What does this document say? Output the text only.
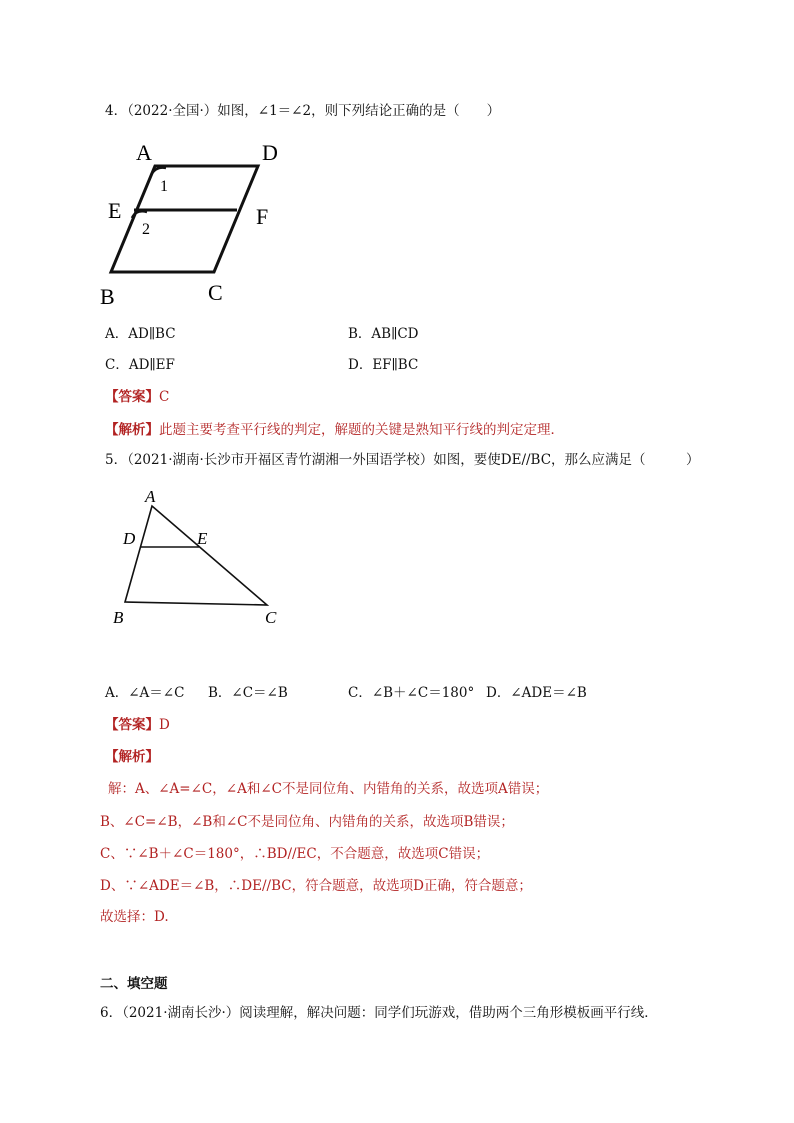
4．（2022·全国·）如图，∠1＝∠2，则下列结论正确的是（　　）
A	D
E	F
B	C
1
2
A．AD∥BC	B．AB∥CD
C．AD∥EF	D．EF∥BC
【答案】C
【解析】此题主要考查平行线的判定，解题的关键是熟知平行线的判定定理．
5．（2021·湖南·长沙市开福区青竹湖湘一外国语学校）如图，要使DE//BC，那么应满足（　　　）
A
D	E
B	C
A．∠A＝∠C B．∠C＝∠B	C．∠B＋∠C＝180° D．∠ADE＝∠B
【答案】D
【解析】
解：A、∠A=∠C，∠A和∠C不是同位角、内错角的关系，故选项A错误；
B、∠C=∠B，∠B和∠C不是同位角、内错角的关系，故选项B错误；
C、∵∠B＋∠C＝180°，∴BD//EC，不合题意，故选项C错误；
D、∵∠ADE＝∠B，∴DE//BC，符合题意，故选项D正确，符合题意；
故选择：D.
二、填空题
6．（2021·湖南长沙·）阅读理解，解决问题：同学们玩游戏，借助两个三角形模板画平行线．
